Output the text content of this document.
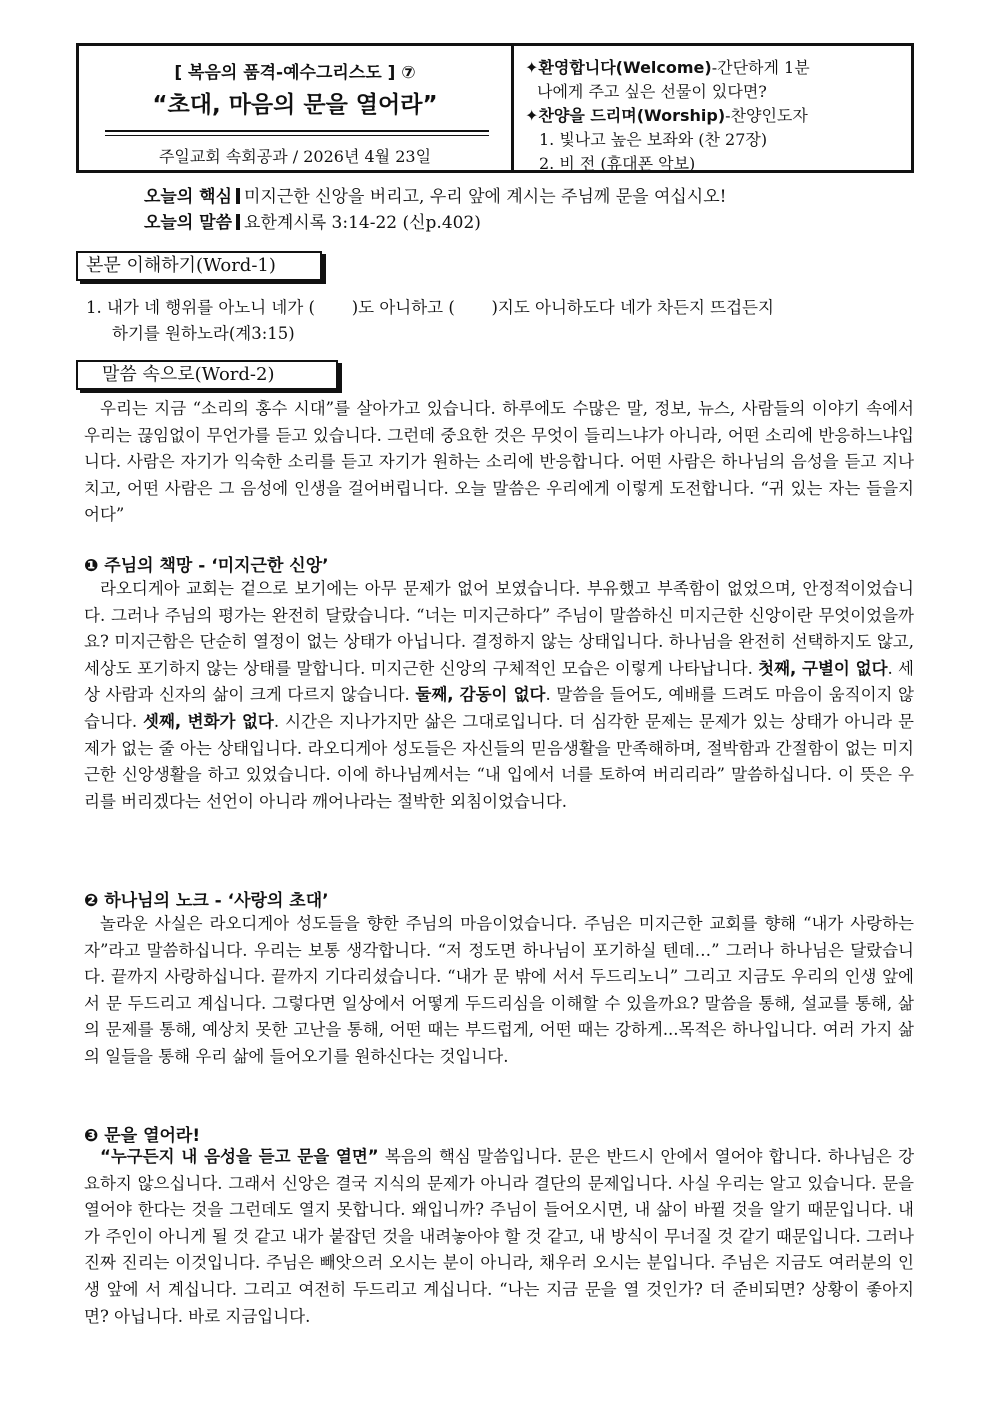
[ 복음의 품격-예수그리스도 ] ⑦
“초대, 마음의 문을 열어라”
주일교회 속회공과 / 2026년 4월 23일
✦환영합니다(Welcome)-간단하게 1분
나에게 주고 싶은 선물이 있다면?
✦찬양을 드리며(Worship)-찬양인도자
1. 빛나고 높은 보좌와 (찬 27장)
2. 비 전 (휴대폰 악보)
오늘의 핵심 미지근한 신앙을 버리고, 우리 앞에 계시는 주님께 문을 여십시오!
오늘의 말씀 요한계시록 3:14-22 (신p.402)
본문 이해하기(Word-1)
1. 내가 네 행위를 아노니 네가 (       )도 아니하고 (       )지도 아니하도다 네가 차든지 뜨겁든지
하기를 원하노라(계3:15)
말씀 속으로(Word-2)
우리는 지금 “소리의 홍수 시대”를 살아가고 있습니다. 하루에도 수많은 말, 정보, 뉴스, 사람들의 이야기 속에서 우리는 끊임없이 무언가를 듣고 있습니다. 그런데 중요한 것은 무엇이 들리느냐가 아니라, 어떤 소리에 반응하느냐입니다. 사람은 자기가 익숙한 소리를 듣고 자기가 원하는 소리에 반응합니다. 어떤 사람은 하나님의 음성을 듣고 지나치고, 어떤 사람은 그 음성에 인생을 걸어버립니다. 오늘 말씀은 우리에게 이렇게 도전합니다. “귀 있는 자는 들을지어다”
❶ 주님의 책망 - ‘미지근한 신앙’
라오디게아 교회는 겉으로 보기에는 아무 문제가 없어 보였습니다. 부유했고 부족함이 없었으며, 안정적이었습니다. 그러나 주님의 평가는 완전히 달랐습니다. “너는 미지근하다” 주님이 말씀하신 미지근한 신앙이란 무엇이었을까요? 미지근함은 단순히 열정이 없는 상태가 아닙니다. 결정하지 않는 상태입니다. 하나님을 완전히 선택하지도 않고, 세상도 포기하지 않는 상태를 말합니다. 미지근한 신앙의 구체적인 모습은 이렇게 나타납니다. 첫째, 구별이 없다. 세상 사람과 신자의 삶이 크게 다르지 않습니다. 둘째, 감동이 없다. 말씀을 들어도, 예배를 드려도 마음이 움직이지 않습니다. 셋째, 변화가 없다. 시간은 지나가지만 삶은 그대로입니다. 더 심각한 문제는 문제가 있는 상태가 아니라 문제가 없는 줄 아는 상태입니다. 라오디게아 성도들은 자신들의 믿음생활을 만족해하며, 절박함과 간절함이 없는 미지근한 신앙생활을 하고 있었습니다. 이에 하나님께서는 “내 입에서 너를 토하여 버리리라” 말씀하십니다. 이 뜻은 우리를 버리겠다는 선언이 아니라 깨어나라는 절박한 외침이었습니다.
❷ 하나님의 노크 - ‘사랑의 초대’
놀라운 사실은 라오디게아 성도들을 향한 주님의 마음이었습니다. 주님은 미지근한 교회를 향해 “내가 사랑하는 자”라고 말씀하십니다. 우리는 보통 생각합니다. “저 정도면 하나님이 포기하실 텐데…” 그러나 하나님은 달랐습니다. 끝까지 사랑하십니다. 끝까지 기다리셨습니다. “내가 문 밖에 서서 두드리노니” 그리고 지금도 우리의 인생 앞에서 문 두드리고 계십니다. 그렇다면 일상에서 어떻게 두드리심을 이해할 수 있을까요? 말씀을 통해, 설교를 통해, 삶의 문제를 통해, 예상치 못한 고난을 통해, 어떤 때는 부드럽게, 어떤 때는 강하게...목적은 하나입니다. 여러 가지 삶의 일들을 통해 우리 삶에 들어오기를 원하신다는 것입니다.
❸ 문을 열어라!
“누구든지 내 음성을 듣고 문을 열면” 복음의 핵심 말씀입니다. 문은 반드시 안에서 열어야 합니다. 하나님은 강요하지 않으십니다. 그래서 신앙은 결국 지식의 문제가 아니라 결단의 문제입니다. 사실 우리는 알고 있습니다. 문을 열어야 한다는 것을 그런데도 열지 못합니다. 왜입니까? 주님이 들어오시면, 내 삶이 바뀔 것을 알기 때문입니다. 내가 주인이 아니게 될 것 같고 내가 붙잡던 것을 내려놓아야 할 것 같고, 내 방식이 무너질 것 같기 때문입니다. 그러나 진짜 진리는 이것입니다. 주님은 빼앗으러 오시는 분이 아니라, 채우러 오시는 분입니다. 주님은 지금도 여러분의 인생 앞에 서 계십니다. 그리고 여전히 두드리고 계십니다. “나는 지금 문을 열 것인가? 더 준비되면? 상황이 좋아지면? 아닙니다. 바로 지금입니다.
